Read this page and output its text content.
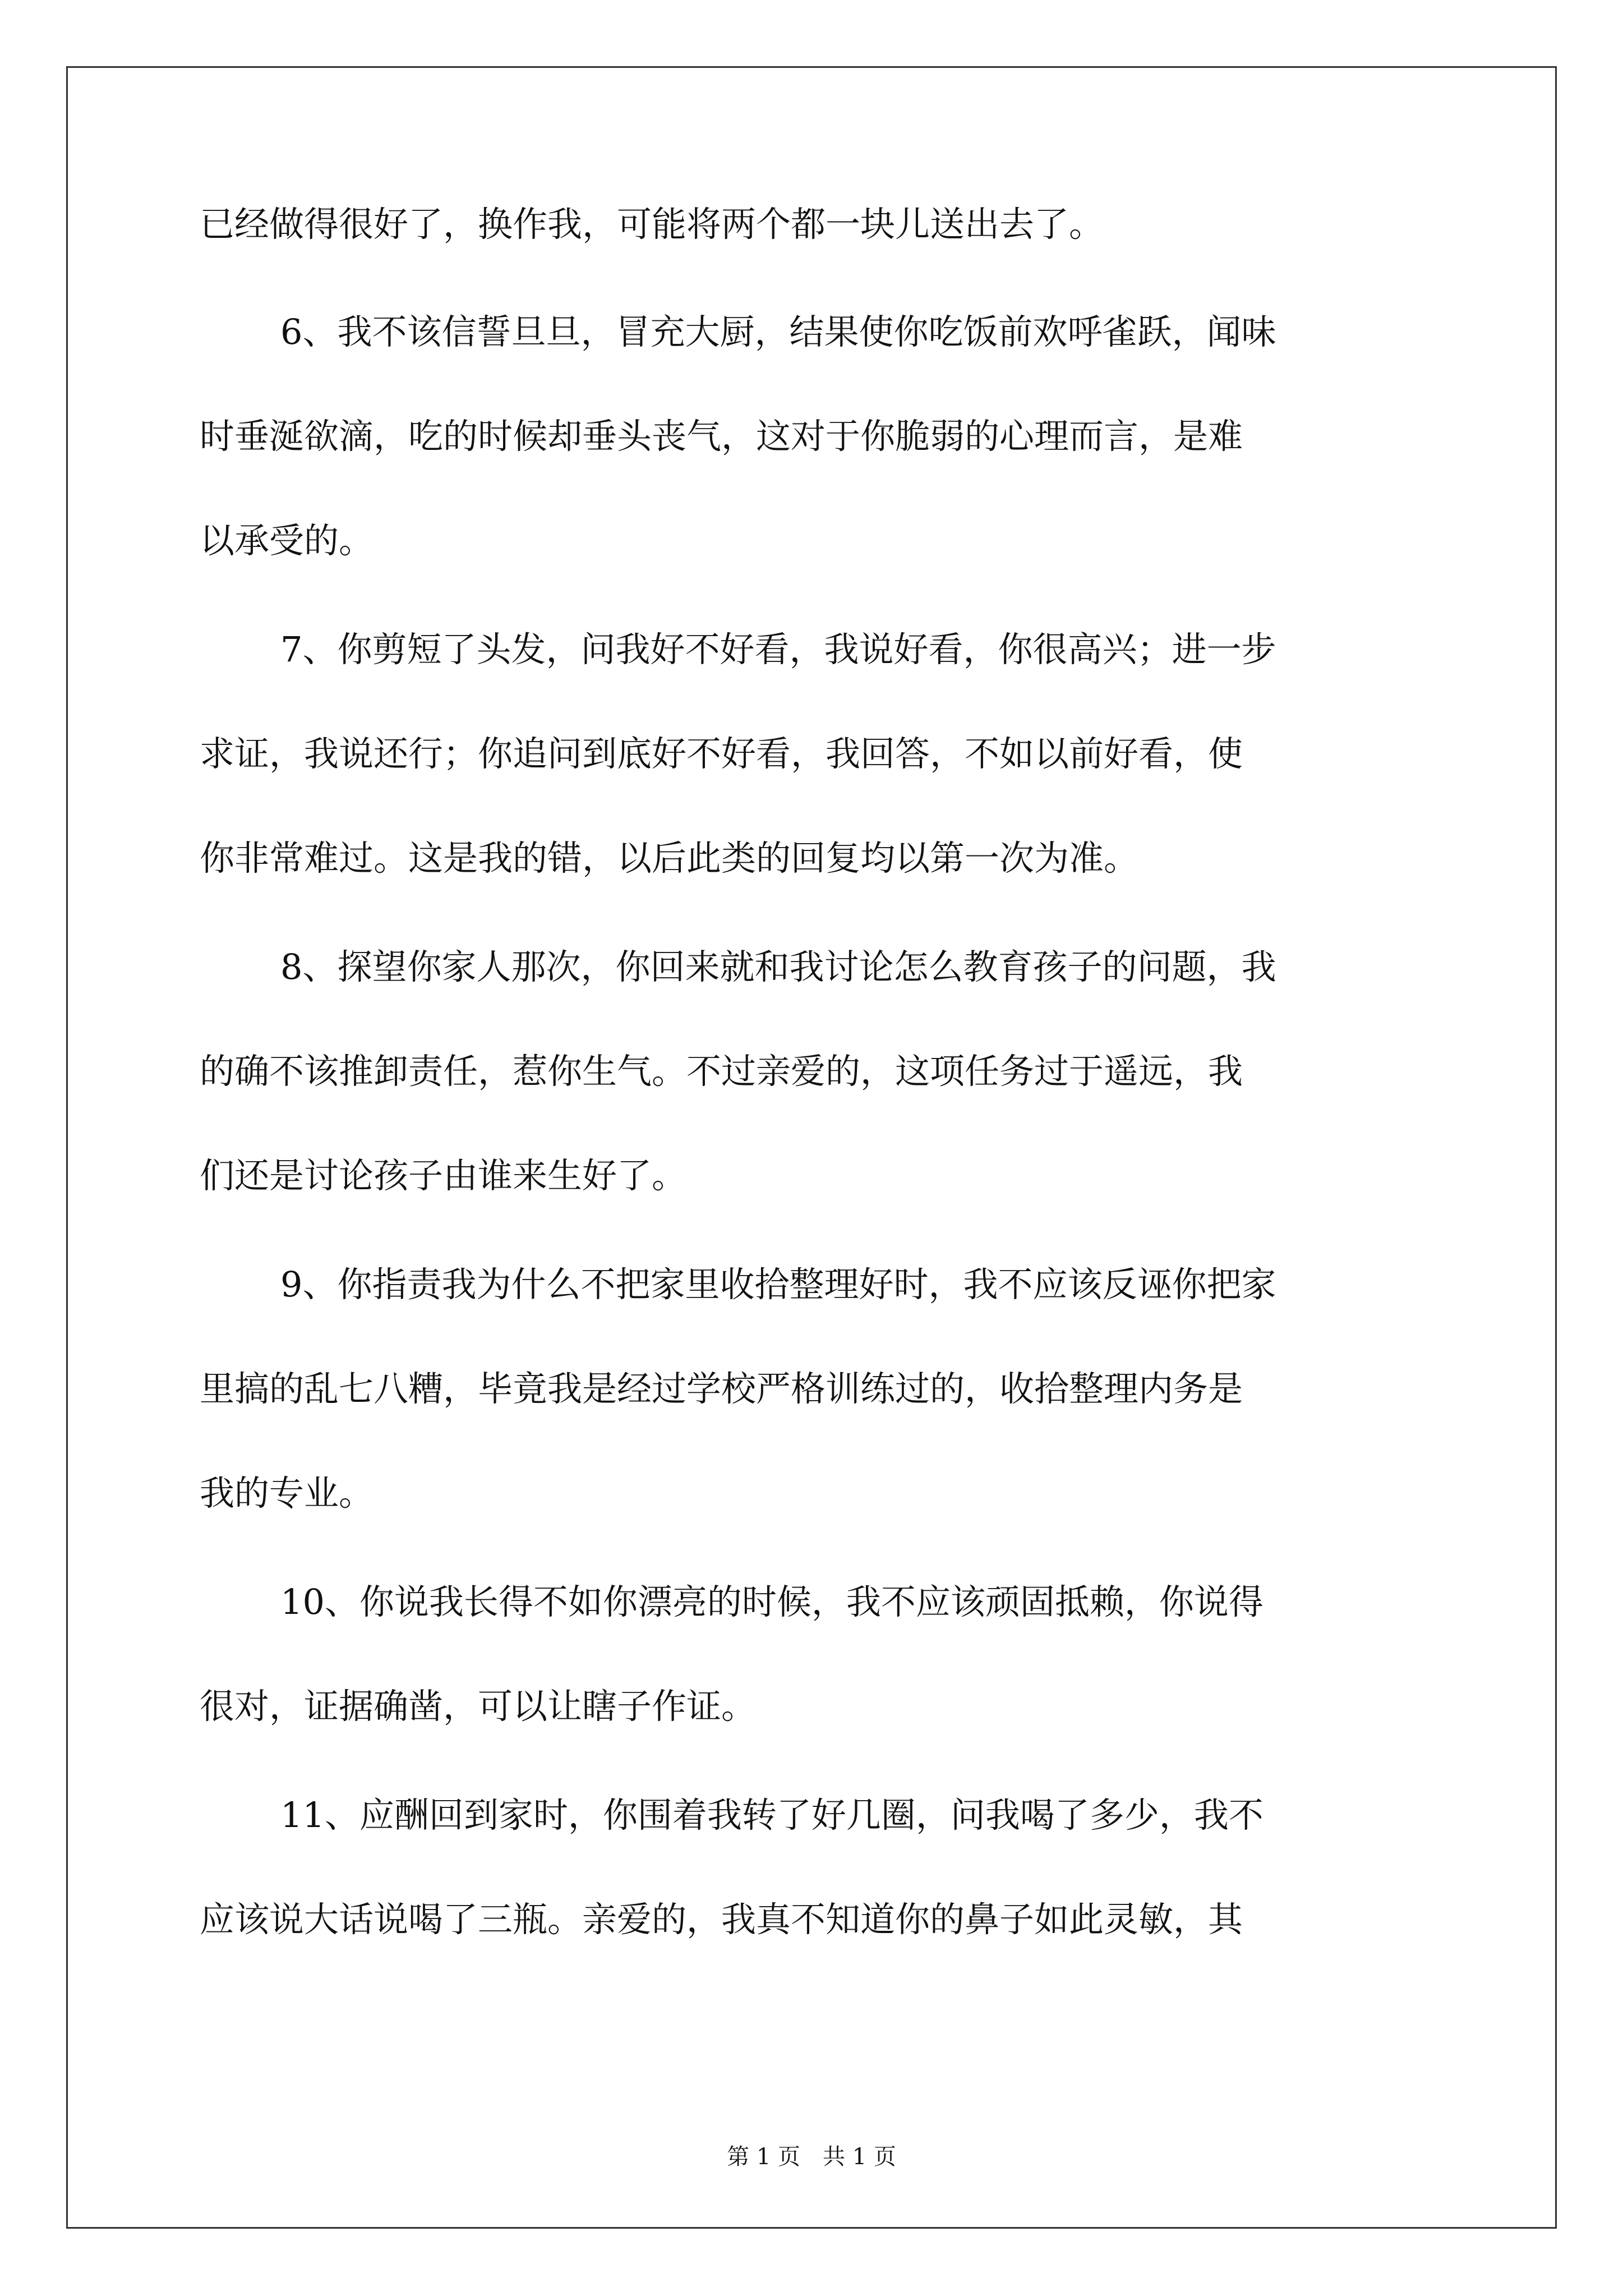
已经做得很好了，换作我，可能将两个都一块儿送出去了。
6、我不该信誓旦旦，冒充大厨，结果使你吃饭前欢呼雀跃，闻味
时垂涎欲滴，吃的时候却垂头丧气，这对于你脆弱的心理而言，是难
以承受的。
7、你剪短了头发，问我好不好看，我说好看，你很高兴；进一步
求证，我说还行；你追问到底好不好看，我回答，不如以前好看，使
你非常难过。这是我的错，以后此类的回复均以第一次为准。
8、探望你家人那次，你回来就和我讨论怎么教育孩子的问题，我
的确不该推卸责任，惹你生气。不过亲爱的，这项任务过于遥远，我
们还是讨论孩子由谁来生好了。
9、你指责我为什么不把家里收拾整理好时，我不应该反诬你把家
里搞的乱七八糟，毕竟我是经过学校严格训练过的，收拾整理内务是
我的专业。
10、你说我长得不如你漂亮的时候，我不应该顽固抵赖，你说得
很对，证据确凿，可以让瞎子作证。
11、应酬回到家时，你围着我转了好几圈，问我喝了多少，我不
应该说大话说喝了三瓶。亲爱的，我真不知道你的鼻子如此灵敏，其
第 1 页　共 1 页
